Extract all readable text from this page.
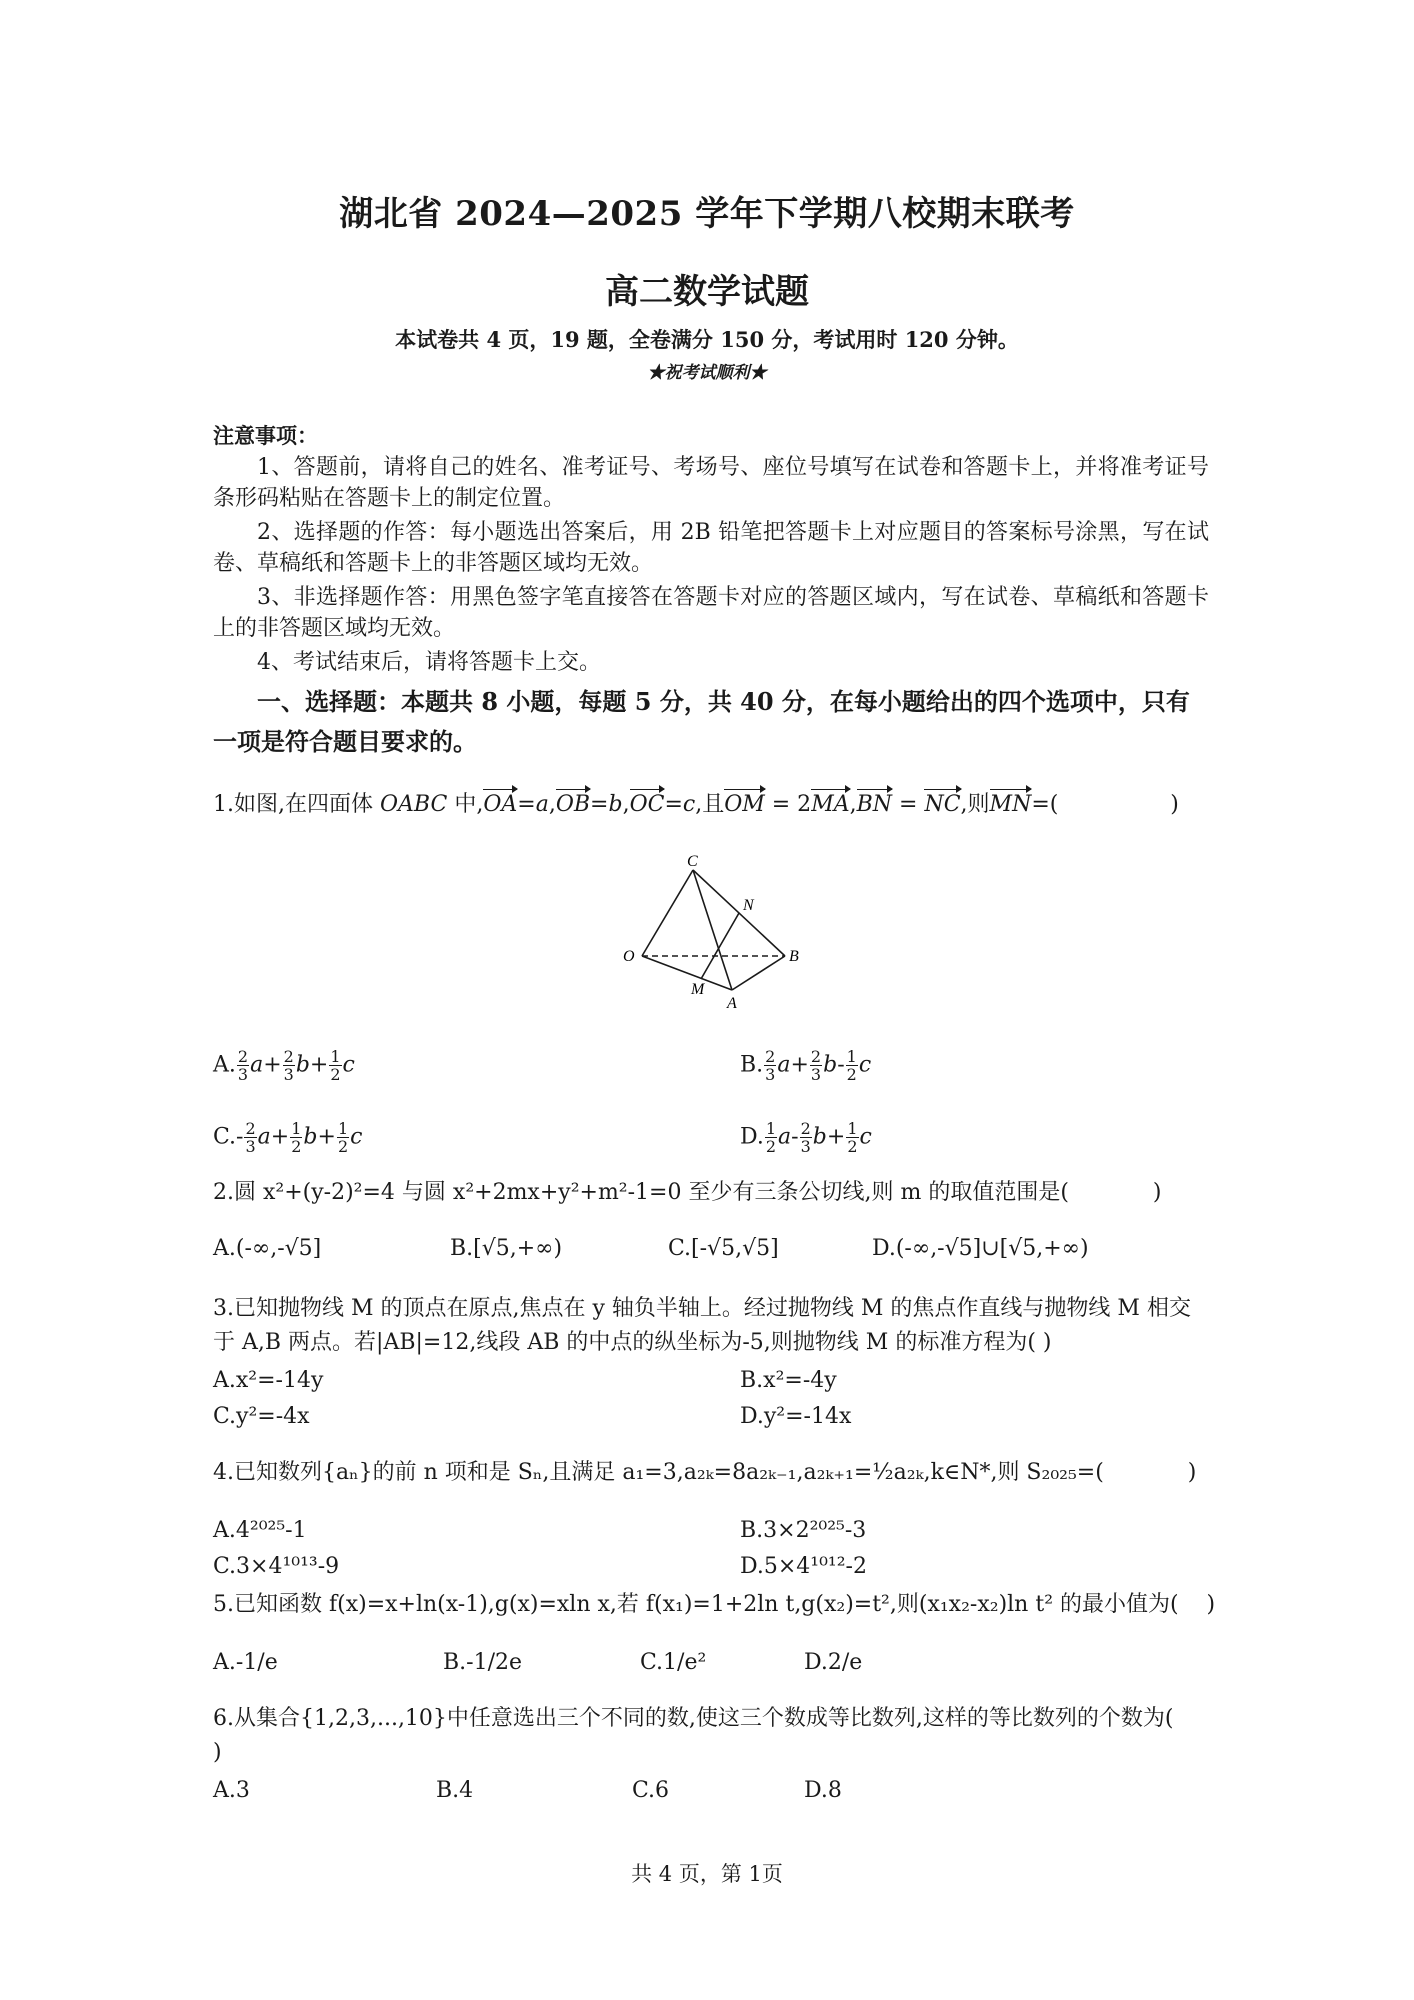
湖北省 2024—2025 学年下学期八校期末联考
高二数学试题
本试卷共 4 页，19 题，全卷满分 150 分，考试用时 120 分钟。
★祝考试顺利★
注意事项：
1、答题前，请将自己的姓名、准考证号、考场号、座位号填写在试卷和答题卡上，并将准考证号条形码粘贴在答题卡上的制定位置。
2、选择题的作答：每小题选出答案后，用 2B 铅笔把答题卡上对应题目的答案标号涂黑，写在试卷、草稿纸和答题卡上的非答题区域均无效。
3、非选择题作答：用黑色签字笔直接答在答题卡对应的答题区域内，写在试卷、草稿纸和答题卡上的非答题区域均无效。
4、考试结束后，请将答题卡上交。
一、选择题：本题共 8 小题，每题 5 分，共 40 分，在每小题给出的四个选项中，只有一项是符合题目要求的。
1.如图,在四面体 OABC 中,OA=a,OB=b,OC=c,且OM = 2MA,BN = NC,则MN=(                )
C
N
O	B
M
A
A. $\frac{2}{3} a+ \frac{2}{3} b+ \frac{1}{2}$ c	B. $\frac{2}{3} a+ \frac{2}{3} b- \frac{1}{2}$ c
$C.- \frac{2}{3} a+ \frac{1}{2} b+ \frac{1}{2}$ c	D. $\frac{1}{2} a- \frac{2}{3} b+ \frac{1}{2}$ c
2.圆 x²+(y-2)²=4 与圆 x²+2mx+y²+m²-1=0 至少有三条公切线,则 m 的取值范围是(            )
A.(-∞,-√5]	B.[√5,+∞)	C.[-√5,√5]	D.(-∞,-√5]∪[√5,+∞)
3.已知抛物线 M 的顶点在原点,焦点在 y 轴负半轴上。经过抛物线 M 的焦点作直线与抛物线 M 相交于 A,B 两点。若|AB|=12,线段 AB 的中点的纵坐标为-5,则抛物线 M 的标准方程为( )
A.x²=-14y	B.x²=-4y
C.y²=-4x	D.y²=-14x
4.已知数列{aₙ}的前 n 项和是 Sₙ,且满足 a₁=3,a₂ₖ=8a₂ₖ₋₁,a₂ₖ₊₁=½a₂ₖ,k∈N*,则 S₂₀₂₅=(            )
A.4²⁰²⁵-1	B.3×2²⁰²⁵-3
C.3×4¹⁰¹³-9	D.5×4¹⁰¹²-2
5.已知函数 f(x)=x+ln(x-1),g(x)=xln x,若 f(x₁)=1+2ln t,g(x₂)=t²,则(x₁x₂-x₂)ln t² 的最小值为(    )
A.-1/e	B.-1/2e	C.1/e²	D.2/e
6.从集合{1,2,3,...,10}中任意选出三个不同的数,使这三个数成等比数列,这样的等比数列的个数为(            )
A.3	B.4	C.6	D.8
共 4 页，第 1页
